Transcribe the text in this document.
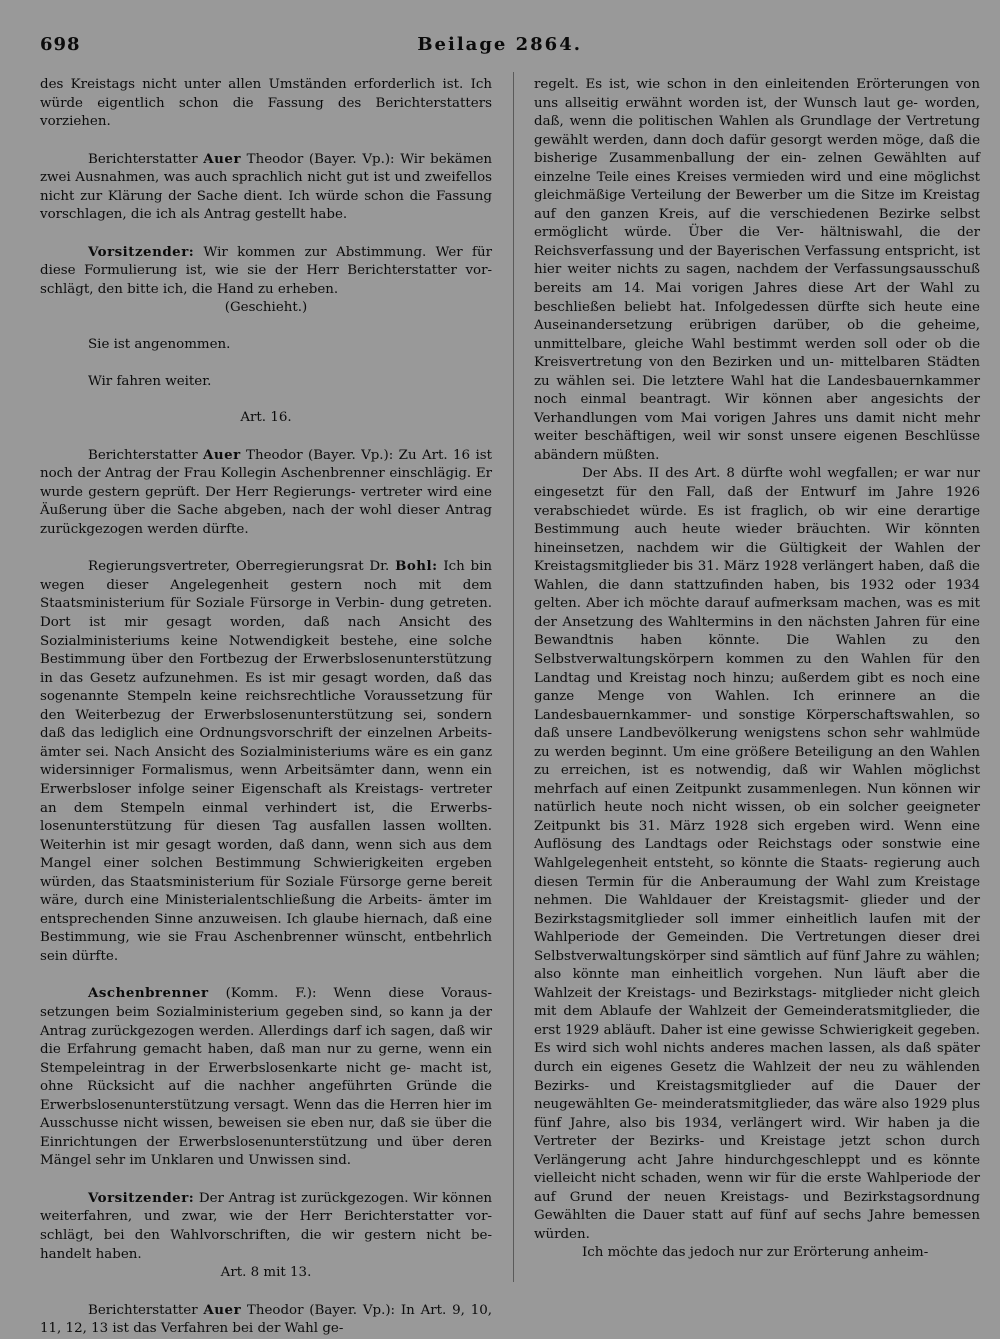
698	Beilage 2864.

des Kreistags nicht unter allen Umständen erforderlich ist. Ich würde eigentlich schon die Fassung des Berichterstatters vorziehen.

Berichterstatter Auer Theodor (Bayer. Vp.): Wir bekämen zwei Ausnahmen, was auch sprachlich nicht gut ist und zweifellos nicht zur Klärung der Sache dient. Ich würde schon die Fassung vorschlagen, die ich als Antrag gestellt habe.

Vorsitzender: Wir kommen zur Abstimmung. Wer für diese Formulierung ist, wie sie der Herr Berichterstatter vor- schlägt, den bitte ich, die Hand zu erheben.

(Geschieht.)

Sie ist angenommen.

Wir fahren weiter.

Art. 16.

Berichterstatter Auer Theodor (Bayer. Vp.): Zu Art. 16 ist noch der Antrag der Frau Kollegin Aschenbrenner einschlägig. Er wurde gestern geprüft. Der Herr Regierungs- vertreter wird eine Äußerung über die Sache abgeben, nach der wohl dieser Antrag zurückgezogen werden dürfte.

Regierungsvertreter, Oberregierungsrat Dr. Bohl: Ich bin wegen dieser Angelegenheit gestern noch mit dem Staatsministerium für Soziale Fürsorge in Verbin- dung getreten. Dort ist mir gesagt worden, daß nach Ansicht des Sozialministeriums keine Notwendigkeit bestehe, eine solche Bestimmung über den Fortbezug der Erwerbslosenunterstützung in das Gesetz aufzunehmen. Es ist mir gesagt worden, daß das sogenannte Stempeln keine reichsrechtliche Voraussetzung für den Weiterbezug der Erwerbslosenunterstützung sei, sondern daß das lediglich eine Ordnungsvorschrift der einzelnen Arbeits- ämter sei. Nach Ansicht des Sozialministeriums wäre es ein ganz widersinniger Formalismus, wenn Arbeitsämter dann, wenn ein Erwerbsloser infolge seiner Eigenschaft als Kreistags- vertreter an dem Stempeln einmal verhindert ist, die Erwerbs- losenunterstützung für diesen Tag ausfallen lassen wollten. Weiterhin ist mir gesagt worden, daß dann, wenn sich aus dem Mangel einer solchen Bestimmung Schwierigkeiten ergeben würden, das Staatsministerium für Soziale Fürsorge gerne bereit wäre, durch eine Ministerialentschließung die Arbeits- ämter im entsprechenden Sinne anzuweisen. Ich glaube hiernach, daß eine Bestimmung, wie sie Frau Aschenbrenner wünscht, entbehrlich sein dürfte.

Aschenbrenner (Komm. F.): Wenn diese Voraus- setzungen beim Sozialministerium gegeben sind, so kann ja der Antrag zurückgezogen werden. Allerdings darf ich sagen, daß wir die Erfahrung gemacht haben, daß man nur zu gerne, wenn ein Stempeleintrag in der Erwerbslosenkarte nicht ge- macht ist, ohne Rücksicht auf die nachher angeführten Gründe die Erwerbslosenunterstützung versagt. Wenn das die Herren hier im Ausschusse nicht wissen, beweisen sie eben nur, daß sie über die Einrichtungen der Erwerbslosenunterstützung und über deren Mängel sehr im Unklaren und Unwissen sind.

Vorsitzender: Der Antrag ist zurückgezogen. Wir können weiterfahren, und zwar, wie der Herr Berichterstatter vor- schlägt, bei den Wahlvorschriften, die wir gestern nicht be- handelt haben.

Art. 8 mit 13.

Berichterstatter Auer Theodor (Bayer. Vp.): In Art. 9, 10, 11, 12, 13 ist das Verfahren bei der Wahl ge-

regelt. Es ist, wie schon in den einleitenden Erörterungen von uns allseitig erwähnt worden ist, der Wunsch laut ge- worden, daß, wenn die politischen Wahlen als Grundlage der Vertretung gewählt werden, dann doch dafür gesorgt werden möge, daß die bisherige Zusammenballung der ein- zelnen Gewählten auf einzelne Teile eines Kreises vermieden wird und eine möglichst gleichmäßige Verteilung der Bewerber um die Sitze im Kreistag auf den ganzen Kreis, auf die verschiedenen Bezirke selbst ermöglicht würde. Über die Ver- hältniswahl, die der Reichsverfassung und der Bayerischen Verfassung entspricht, ist hier weiter nichts zu sagen, nachdem der Verfassungsausschuß bereits am 14. Mai vorigen Jahres diese Art der Wahl zu beschließen beliebt hat. Infolgedessen dürfte sich heute eine Auseinandersetzung erübrigen darüber, ob die geheime, unmittelbare, gleiche Wahl bestimmt werden soll oder ob die Kreisvertretung von den Bezirken und un- mittelbaren Städten zu wählen sei. Die letztere Wahl hat die Landesbauernkammer noch einmal beantragt. Wir können aber angesichts der Verhandlungen vom Mai vorigen Jahres uns damit nicht mehr weiter beschäftigen, weil wir sonst unsere eigenen Beschlüsse abändern müßten.

Der Abs. II des Art. 8 dürfte wohl wegfallen; er war nur eingesetzt für den Fall, daß der Entwurf im Jahre 1926 verabschiedet würde. Es ist fraglich, ob wir eine derartige Bestimmung auch heute wieder bräuchten. Wir könnten hineinsetzen, nachdem wir die Gültigkeit der Wahlen der Kreistagsmitglieder bis 31. März 1928 verlängert haben, daß die Wahlen, die dann stattzufinden haben, bis 1932 oder 1934 gelten. Aber ich möchte darauf aufmerksam machen, was es mit der Ansetzung des Wahltermins in den nächsten Jahren für eine Bewandtnis haben könnte. Die Wahlen zu den Selbstverwaltungskörpern kommen zu den Wahlen für den Landtag und Kreistag noch hinzu; außerdem gibt es noch eine ganze Menge von Wahlen. Ich erinnere an die Landesbauernkammer- und sonstige Körperschaftswahlen, so daß unsere Landbevölkerung wenigstens schon sehr wahlmüde zu werden beginnt. Um eine größere Beteiligung an den Wahlen zu erreichen, ist es notwendig, daß wir Wahlen möglichst mehrfach auf einen Zeitpunkt zusammenlegen. Nun können wir natürlich heute noch nicht wissen, ob ein solcher geeigneter Zeitpunkt bis 31. März 1928 sich ergeben wird. Wenn eine Auflösung des Landtags oder Reichstags oder sonstwie eine Wahlgelegenheit entsteht, so könnte die Staats- regierung auch diesen Termin für die Anberaumung der Wahl zum Kreistage nehmen. Die Wahldauer der Kreistagsmit- glieder und der Bezirkstagsmitglieder soll immer einheitlich laufen mit der Wahlperiode der Gemeinden. Die Vertretungen dieser drei Selbstverwaltungskörper sind sämtlich auf fünf Jahre zu wählen; also könnte man einheitlich vorgehen. Nun läuft aber die Wahlzeit der Kreistags- und Bezirkstags- mitglieder nicht gleich mit dem Ablaufe der Wahlzeit der Gemeinderatsmitglieder, die erst 1929 abläuft. Daher ist eine gewisse Schwierigkeit gegeben. Es wird sich wohl nichts anderes machen lassen, als daß später durch ein eigenes Gesetz die Wahlzeit der neu zu wählenden Bezirks- und Kreistagsmitglieder auf die Dauer der neugewählten Ge- meinderatsmitglieder, das wäre also 1929 plus fünf Jahre, also bis 1934, verlängert wird. Wir haben ja die Vertreter der Bezirks- und Kreistage jetzt schon durch Verlängerung acht Jahre hindurchgeschleppt und es könnte vielleicht nicht schaden, wenn wir für die erste Wahlperiode der auf Grund der neuen Kreistags- und Bezirkstagsordnung Gewählten die Dauer statt auf fünf auf sechs Jahre bemessen würden.

Ich möchte das jedoch nur zur Erörterung anheim-
